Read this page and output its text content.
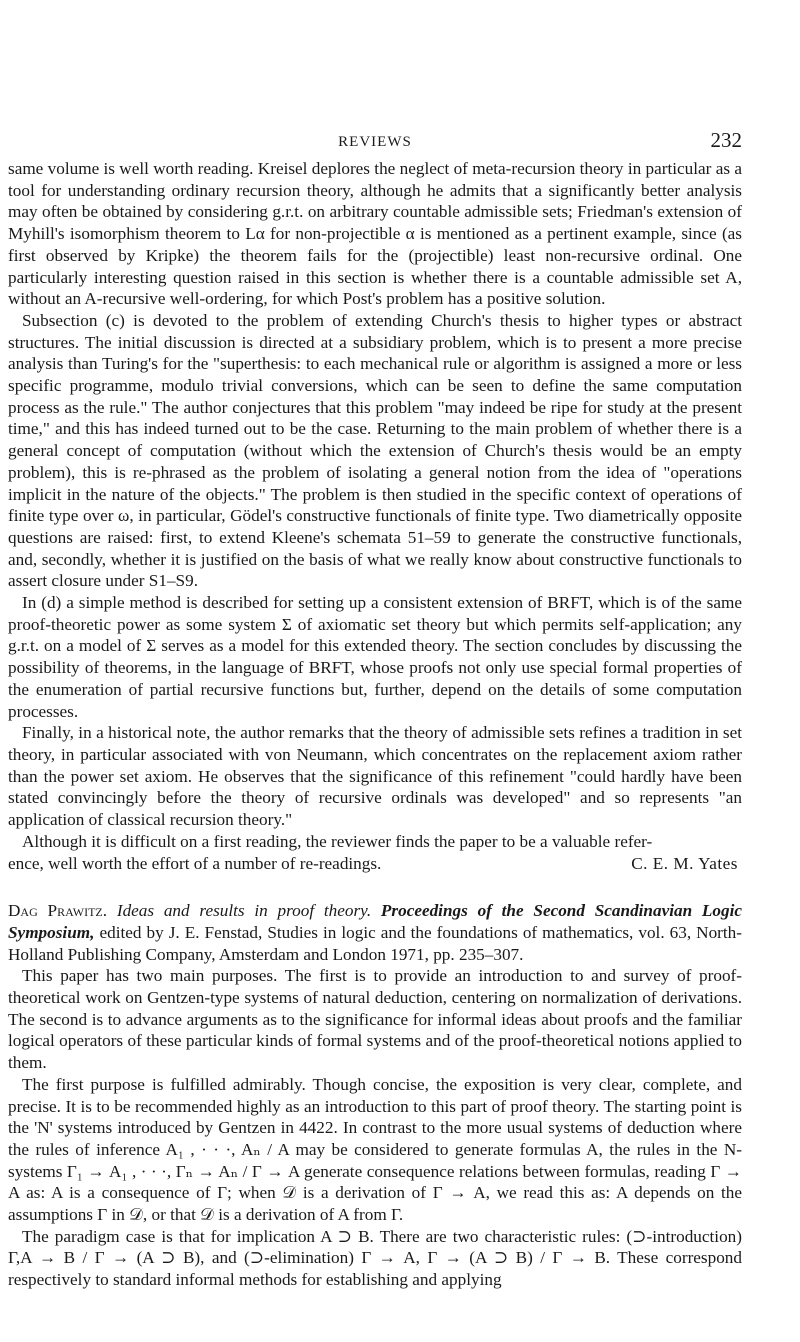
REVIEWS	232

same volume is well worth reading. Kreisel deplores the neglect of meta-recursion theory in particular as a tool for understanding ordinary recursion theory, although he admits that a significantly better analysis may often be obtained by considering g.r.t. on arbitrary countable admissible sets; Friedman's extension of Myhill's isomorphism theorem to Lα for non-projectible α is mentioned as a pertinent example, since (as first observed by Kripke) the theorem fails for the (projectible) least non-recursive ordinal. One particularly interesting question raised in this section is whether there is a countable admissible set A, without an A-recursive well-ordering, for which Post's problem has a positive solution.

Subsection (c) is devoted to the problem of extending Church's thesis to higher types or abstract structures. The initial discussion is directed at a subsidiary problem, which is to present a more precise analysis than Turing's for the "superthesis: to each mechanical rule or algorithm is assigned a more or less specific programme, modulo trivial conversions, which can be seen to define the same computation process as the rule." The author conjectures that this problem "may indeed be ripe for study at the present time," and this has indeed turned out to be the case. Returning to the main problem of whether there is a general concept of computation (without which the extension of Church's thesis would be an empty problem), this is re-phrased as the problem of isolating a general notion from the idea of "operations implicit in the nature of the objects." The problem is then studied in the specific context of operations of finite type over ω, in particular, Gödel's constructive functionals of finite type. Two diametrically opposite questions are raised: first, to extend Kleene's schemata 51–59 to generate the constructive functionals, and, secondly, whether it is justified on the basis of what we really know about constructive functionals to assert closure under S1–S9.

In (d) a simple method is described for setting up a consistent extension of BRFT, which is of the same proof-theoretic power as some system Σ of axiomatic set theory but which permits self-application; any g.r.t. on a model of Σ serves as a model for this extended theory. The section concludes by discussing the possibility of theorems, in the language of BRFT, whose proofs not only use special formal properties of the enumeration of partial recursive functions but, further, depend on the details of some computation processes.

Finally, in a historical note, the author remarks that the theory of admissible sets refines a tradition in set theory, in particular associated with von Neumann, which concentrates on the replacement axiom rather than the power set axiom. He observes that the significance of this refinement "could hardly have been stated convincingly before the theory of recursive ordinals was developed" and so represents "an application of classical recursion theory."

Although it is difficult on a first reading, the reviewer finds the paper to be a valuable refer-

ence, well worth the effort of a number of re-readings.	C. E. M. Yates

Dag Prawitz. Ideas and results in proof theory. Proceedings of the Second Scandinavian Logic Symposium, edited by J. E. Fenstad, Studies in logic and the foundations of mathematics, vol. 63, North-Holland Publishing Company, Amsterdam and London 1971, pp. 235–307.

This paper has two main purposes. The first is to provide an introduction to and survey of proof-theoretical work on Gentzen-type systems of natural deduction, centering on normalization of derivations. The second is to advance arguments as to the significance for informal ideas about proofs and the familiar logical operators of these particular kinds of formal systems and of the proof-theoretical notions applied to them.

The first purpose is fulfilled admirably. Though concise, the exposition is very clear, complete, and precise. It is to be recommended highly as an introduction to this part of proof theory. The starting point is the 'N' systems introduced by Gentzen in 4422. In contrast to the more usual systems of deduction where the rules of inference A₁ , · · ·, Aₙ / A may be considered to generate formulas A, the rules in the N-systems Γ₁ → A₁ , · · ·, Γₙ → Aₙ / Γ → A generate consequence relations between formulas, reading Γ → A as: A is a consequence of Γ; when 𝒟 is a derivation of Γ → A, we read this as: A depends on the assumptions Γ in 𝒟, or that 𝒟 is a derivation of A from Γ.

The paradigm case is that for implication A ⊃ B. There are two characteristic rules: (⊃-introduction) Γ,A → B / Γ → (A ⊃ B), and (⊃-elimination) Γ → A, Γ → (A ⊃ B) / Γ → B. These correspond respectively to standard informal methods for establishing and applying
